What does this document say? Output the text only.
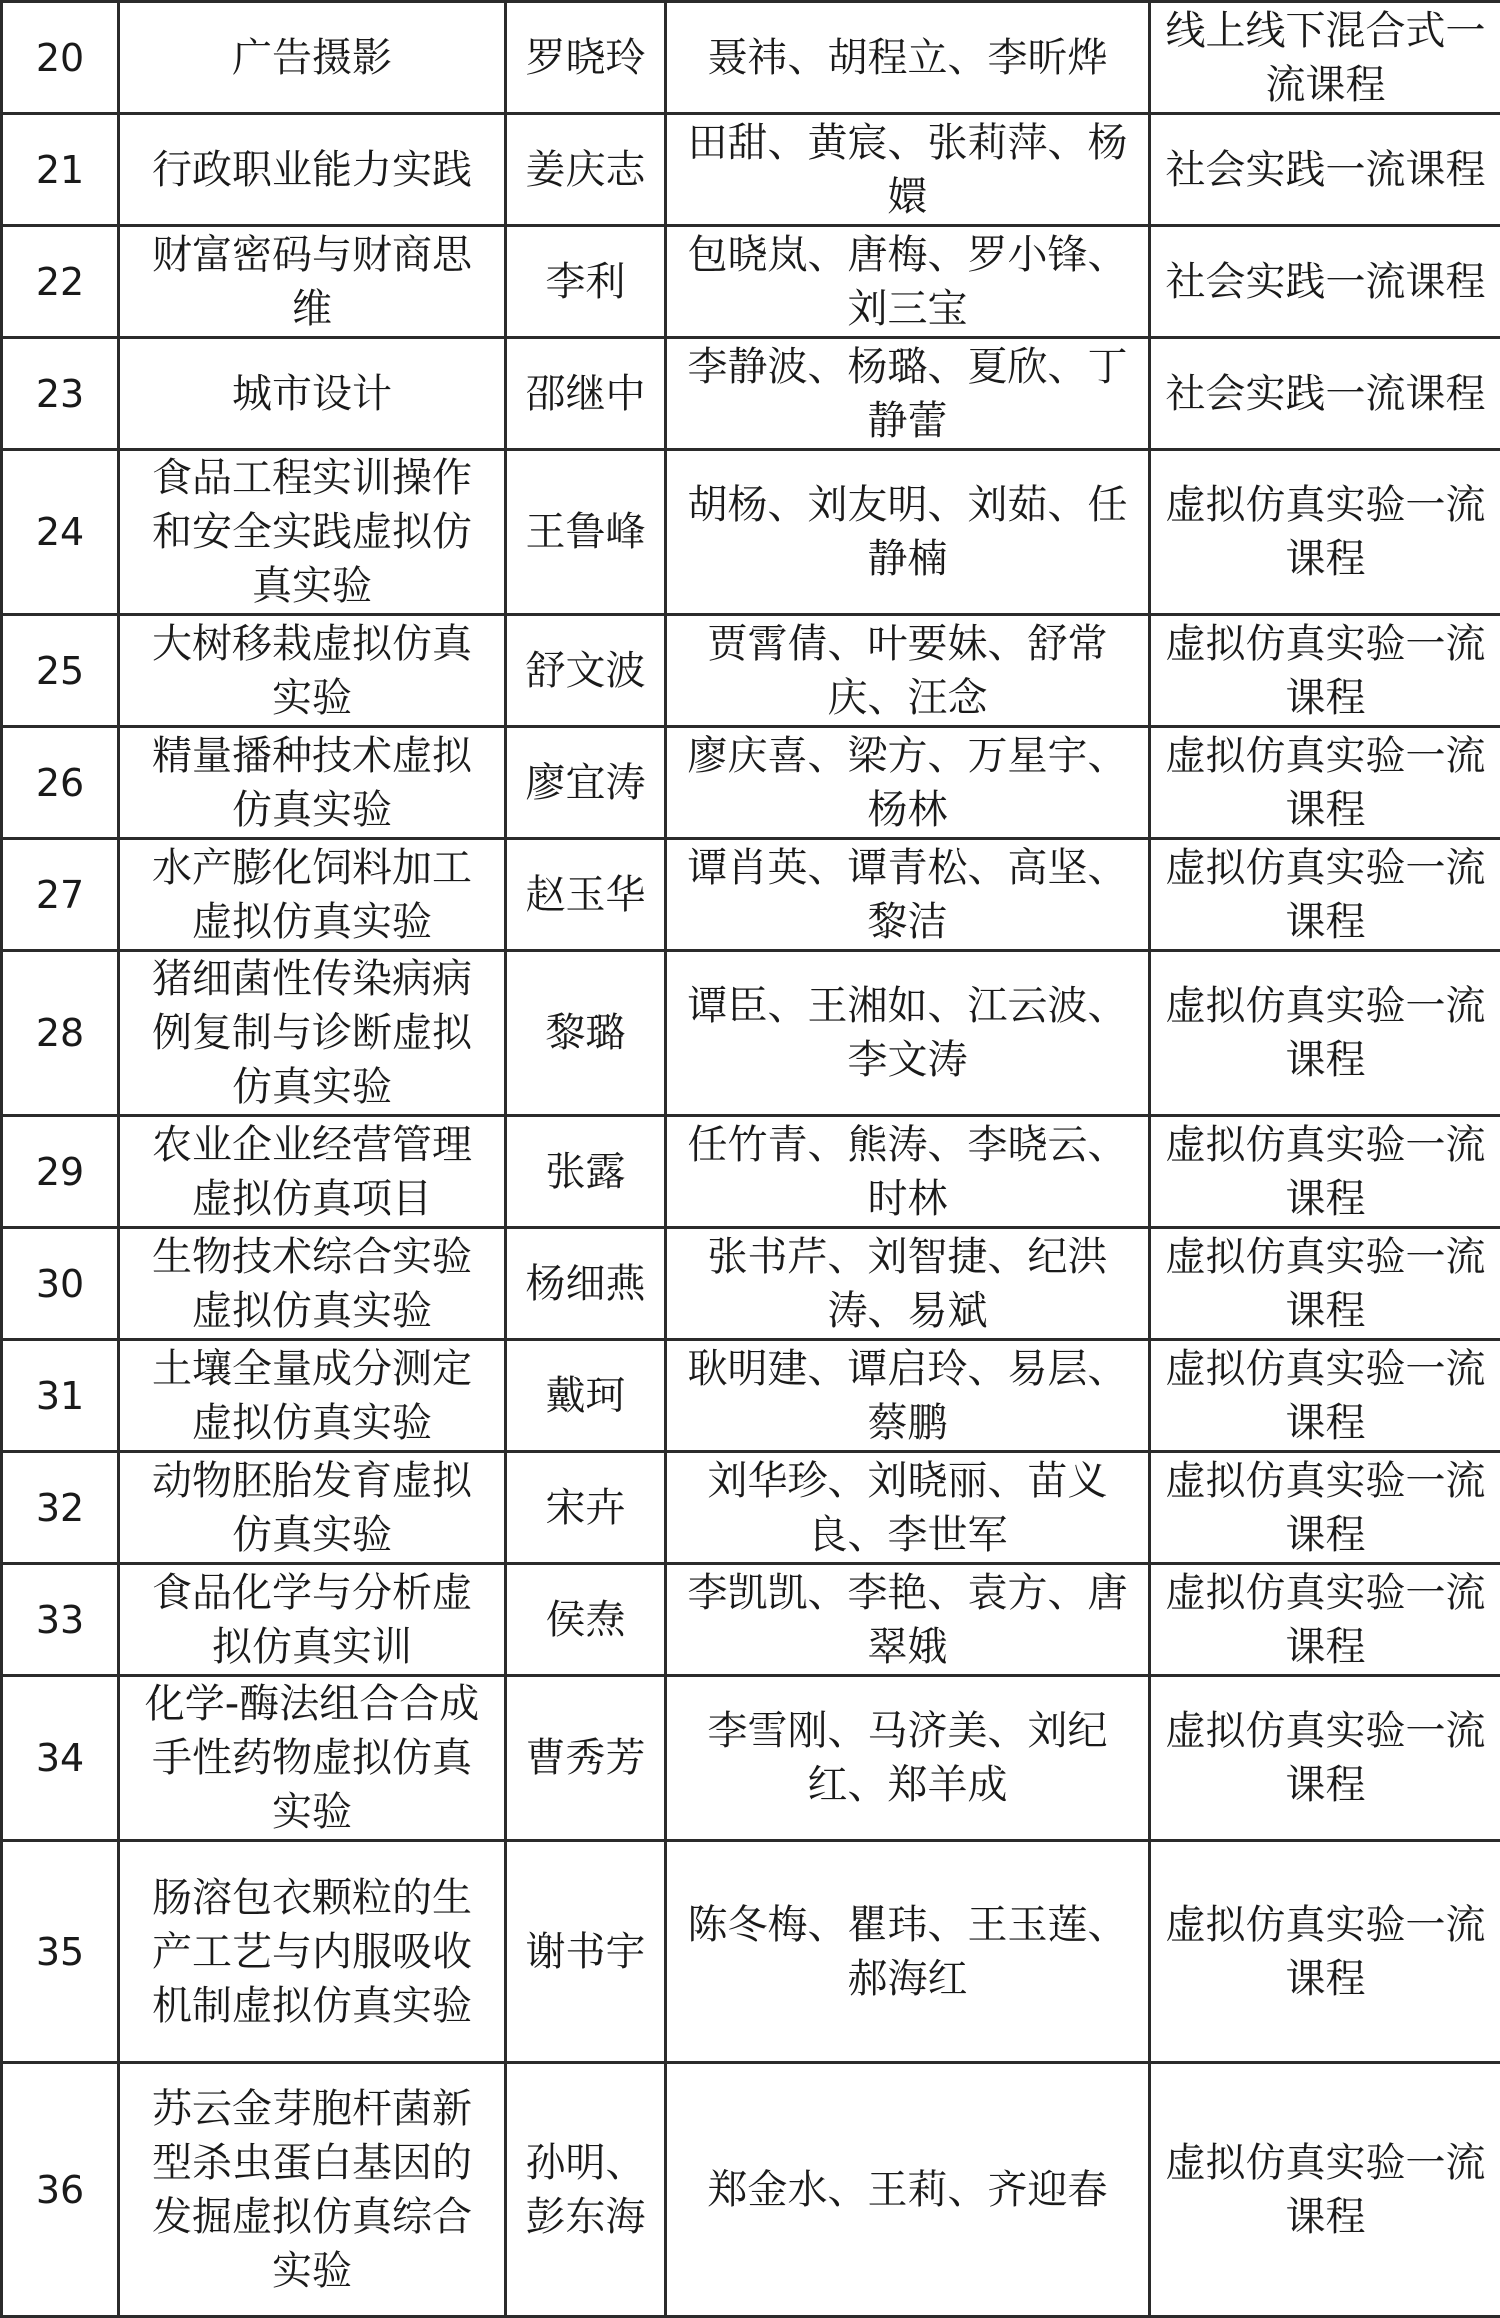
20	广告摄影	罗晓玲	聂祎、胡程立、李昕烨	线上线下混合式一流课程

21	行政职业能力实践	姜庆志	田甜、黄宸、张莉萍、杨嬛	社会实践一流课程

22	财富密码与财商思维	李利	包晓岚、唐梅、罗小锋、刘三宝	社会实践一流课程

23	城市设计	邵继中	李静波、杨璐、夏欣、丁静蕾	社会实践一流课程

24	食品工程实训操作和安全实践虚拟仿真实验	王鲁峰	胡杨、刘友明、刘茹、任静楠	虚拟仿真实验一流课程

25	大树移栽虚拟仿真实验	舒文波	贾霄倩、叶要妹、舒常庆、汪念	虚拟仿真实验一流课程

26	精量播种技术虚拟仿真实验	廖宜涛	廖庆喜、梁方、万星宇、杨林	虚拟仿真实验一流课程

27	水产膨化饲料加工虚拟仿真实验	赵玉华	谭肖英、谭青松、高坚、黎洁	虚拟仿真实验一流课程

28	猪细菌性传染病病例复制与诊断虚拟仿真实验	黎璐	谭臣、王湘如、江云波、李文涛	虚拟仿真实验一流课程

29	农业企业经营管理虚拟仿真项目	张露	任竹青、熊涛、李晓云、时林	虚拟仿真实验一流课程

30	生物技术综合实验虚拟仿真实验	杨细燕	张书芹、刘智捷、纪洪涛、易斌	虚拟仿真实验一流课程

31	土壤全量成分测定虚拟仿真实验	戴珂	耿明建、谭启玲、易层、蔡鹏	虚拟仿真实验一流课程

32	动物胚胎发育虚拟仿真实验	宋卉	刘华珍、刘晓丽、苗义良、李世军	虚拟仿真实验一流课程

33	食品化学与分析虚拟仿真实训	侯焘	李凯凯、李艳、袁方、唐翠娥	虚拟仿真实验一流课程

34	化学-酶法组合合成手性药物虚拟仿真实验	曹秀芳	李雪刚、马济美、刘纪红、郑羊成	虚拟仿真实验一流课程

35	肠溶包衣颗粒的生产工艺与内服吸收机制虚拟仿真实验	谢书宇	陈冬梅、瞿玮、王玉莲、郝海红	虚拟仿真实验一流课程

36	苏云金芽胞杆菌新型杀虫蛋白基因的发掘虚拟仿真综合实验	孙明、彭东海	郑金水、王莉、齐迎春	虚拟仿真实验一流课程
